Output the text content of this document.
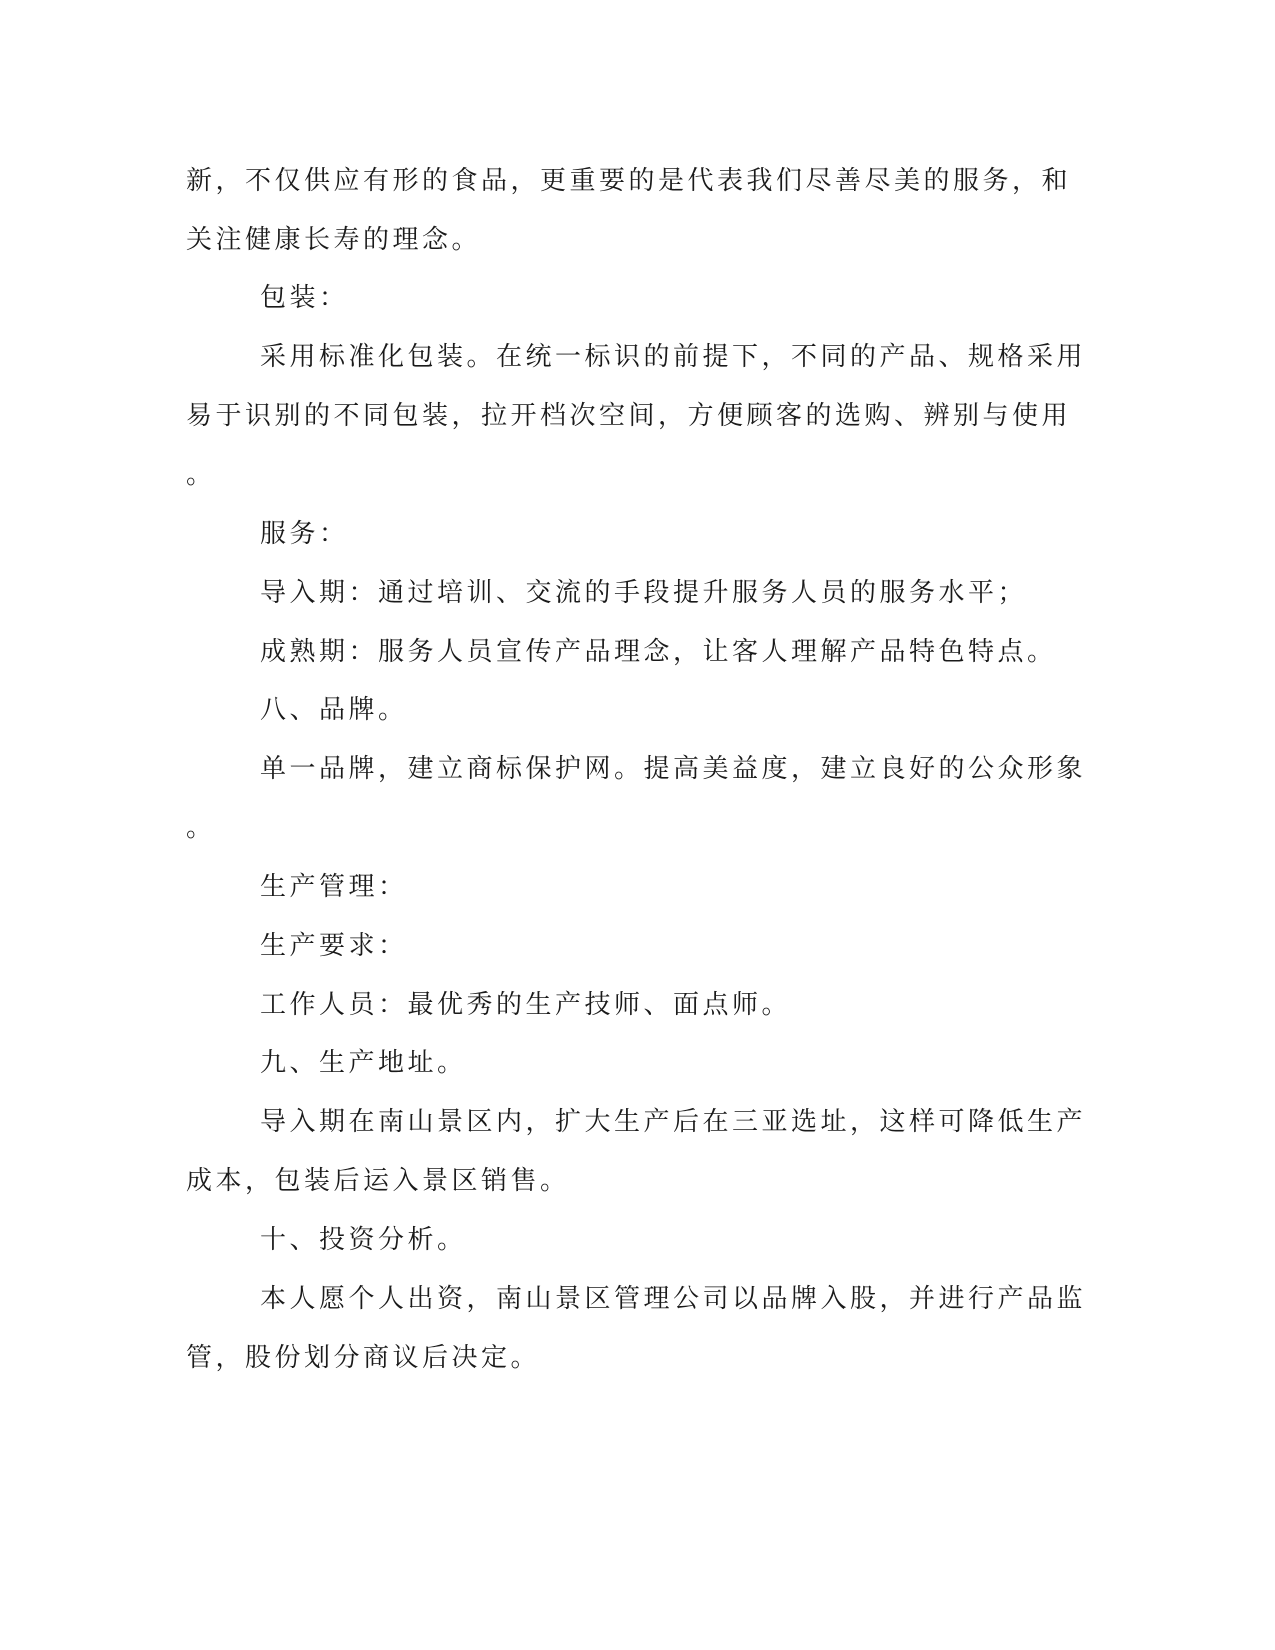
新，不仅供应有形的食品，更重要的是代表我们尽善尽美的服务，和
关注健康长寿的理念。
包装：
采用标准化包装。在统一标识的前提下，不同的产品、规格采用
易于识别的不同包装，拉开档次空间，方便顾客的选购、辨别与使用
。
服务：
导入期：通过培训、交流的手段提升服务人员的服务水平；
成熟期：服务人员宣传产品理念，让客人理解产品特色特点。
八、品牌。
单一品牌，建立商标保护网。提高美益度，建立良好的公众形象
。
生产管理：
生产要求：
工作人员：最优秀的生产技师、面点师。
九、生产地址。
导入期在南山景区内，扩大生产后在三亚选址，这样可降低生产
成本，包装后运入景区销售。
十、投资分析。
本人愿个人出资，南山景区管理公司以品牌入股，并进行产品监
管，股份划分商议后决定。
